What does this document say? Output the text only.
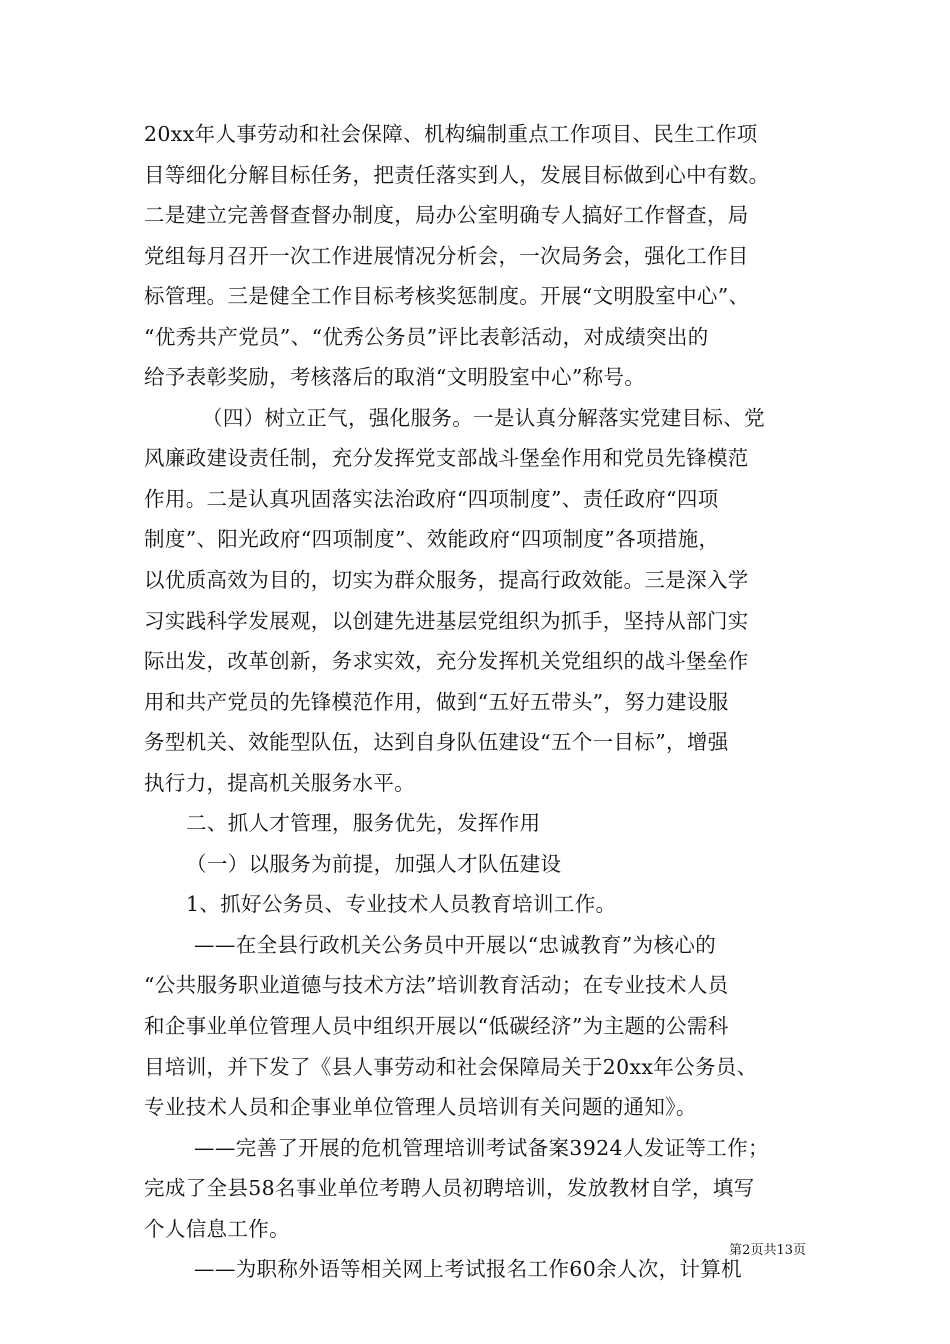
20xx年人事劳动和社会保障、机构编制重点工作项目、民生工作项
目等细化分解目标任务，把责任落实到人，发展目标做到心中有数。
二是建立完善督查督办制度，局办公室明确专人搞好工作督查，局
党组每月召开一次工作进展情况分析会，一次局务会，强化工作目
标管理。三是健全工作目标考核奖惩制度。开展“文明股室中心”、
“优秀共产党员”、“优秀公务员”评比表彰活动，对成绩突出的
给予表彰奖励，考核落后的取消“文明股室中心”称号。
（四）树立正气，强化服务。一是认真分解落实党建目标、党
风廉政建设责任制，充分发挥党支部战斗堡垒作用和党员先锋模范
作用。二是认真巩固落实法治政府“四项制度”、责任政府“四项
制度”、阳光政府“四项制度”、效能政府“四项制度”各项措施，
以优质高效为目的，切实为群众服务，提高行政效能。三是深入学
习实践科学发展观，以创建先进基层党组织为抓手，坚持从部门实
际出发，改革创新，务求实效，充分发挥机关党组织的战斗堡垒作
用和共产党员的先锋模范作用，做到“五好五带头”，努力建设服
务型机关、效能型队伍，达到自身队伍建设“五个一目标”，增强
执行力，提高机关服务水平。
二、抓人才管理，服务优先，发挥作用
（一）以服务为前提，加强人才队伍建设
1、抓好公务员、专业技术人员教育培训工作。
——在全县行政机关公务员中开展以“忠诚教育”为核心的
“公共服务职业道德与技术方法”培训教育活动；在专业技术人员
和企事业单位管理人员中组织开展以“低碳经济”为主题的公需科
目培训，并下发了《县人事劳动和社会保障局关于20xx年公务员、
专业技术人员和企事业单位管理人员培训有关问题的通知》。
——完善了开展的危机管理培训考试备案3924人发证等工作；
完成了全县58名事业单位考聘人员初聘培训，发放教材自学，填写
个人信息工作。
——为职称外语等相关网上考试报名工作60余人次，计算机
第2页共13页
